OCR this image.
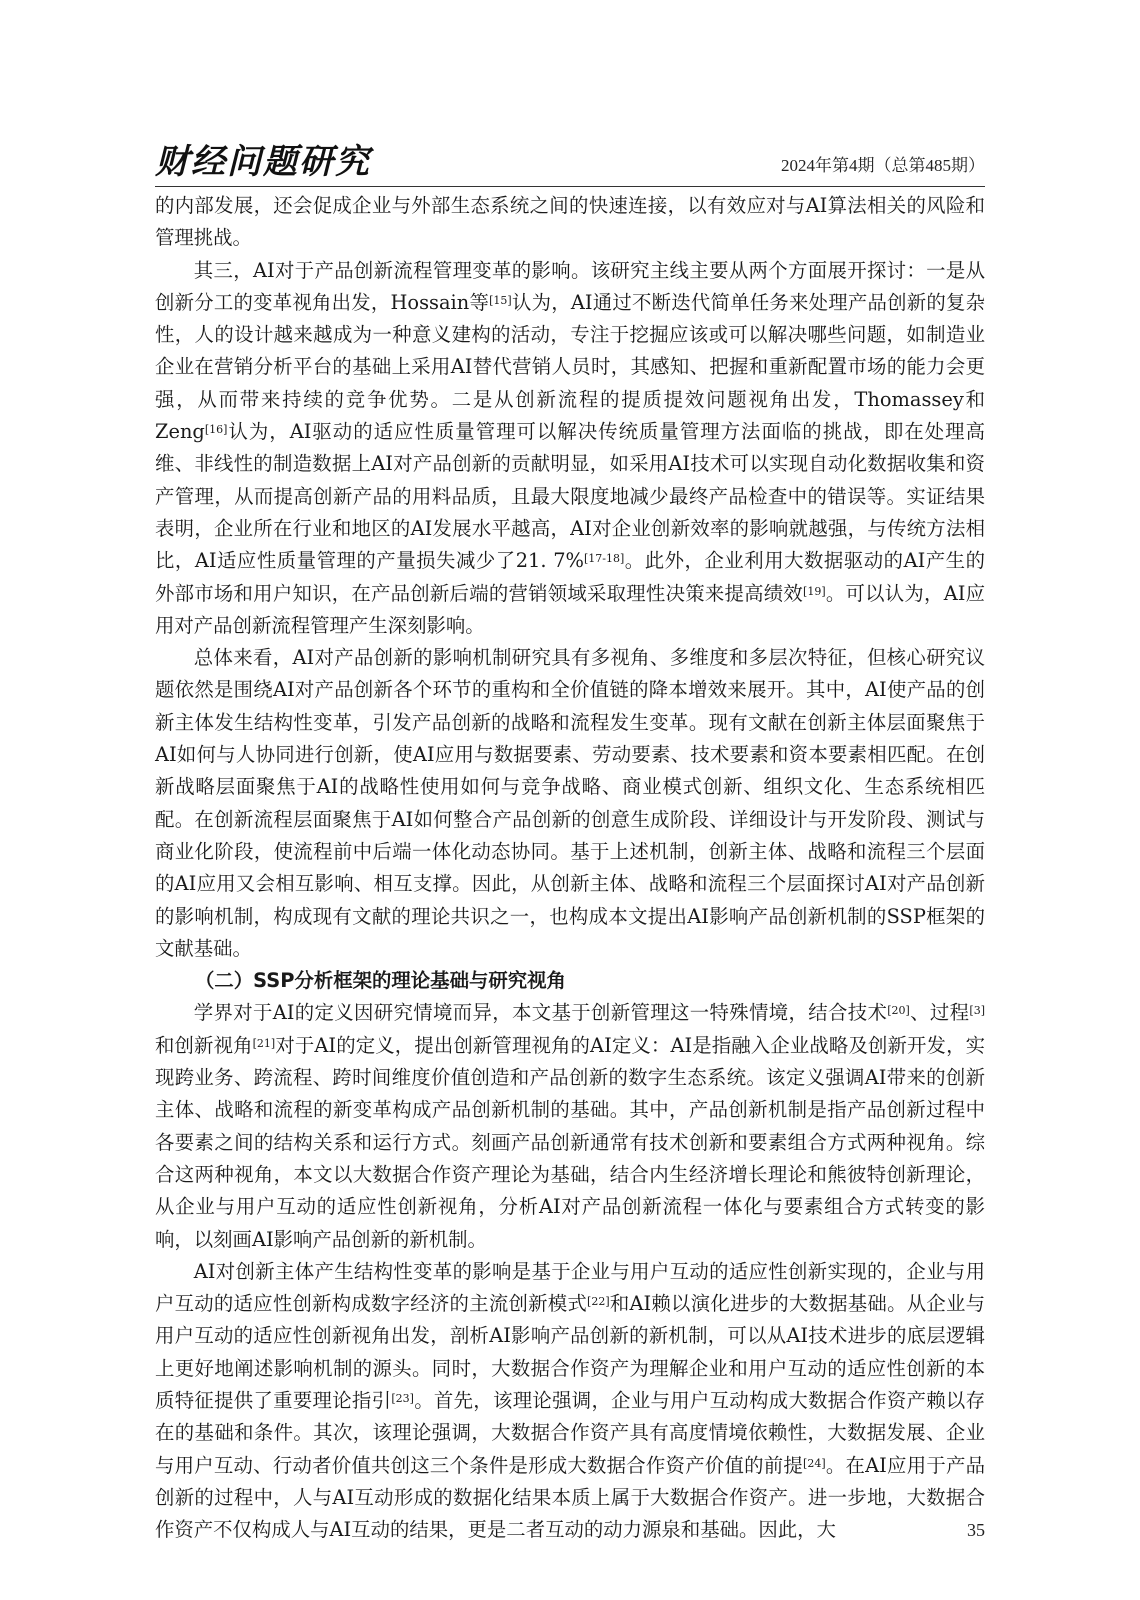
财经问题研究	2024年第4期（总第485期）

的内部发展，还会促成企业与外部生态系统之间的快速连接，以有效应对与AI算法相关的风险和管理挑战。

其三，AI对于产品创新流程管理变革的影响。该研究主线主要从两个方面展开探讨：一是从创新分工的变革视角出发，Hossain等[15]认为，AI通过不断迭代简单任务来处理产品创新的复杂性，人的设计越来越成为一种意义建构的活动，专注于挖掘应该或可以解决哪些问题，如制造业企业在营销分析平台的基础上采用AI替代营销人员时，其感知、把握和重新配置市场的能力会更强，从而带来持续的竞争优势。二是从创新流程的提质提效问题视角出发，Thomassey和Zeng[16]认为，AI驱动的适应性质量管理可以解决传统质量管理方法面临的挑战，即在处理高维、非线性的制造数据上AI对产品创新的贡献明显，如采用AI技术可以实现自动化数据收集和资产管理，从而提高创新产品的用料品质，且最大限度地减少最终产品检查中的错误等。实证结果表明，企业所在行业和地区的AI发展水平越高，AI对企业创新效率的影响就越强，与传统方法相比，AI适应性质量管理的产量损失减少了21. 7%[17-18]。此外，企业利用大数据驱动的AI产生的外部市场和用户知识，在产品创新后端的营销领域采取理性决策来提高绩效[19]。可以认为，AI应用对产品创新流程管理产生深刻影响。

总体来看，AI对产品创新的影响机制研究具有多视角、多维度和多层次特征，但核心研究议题依然是围绕AI对产品创新各个环节的重构和全价值链的降本增效来展开。其中，AI使产品的创新主体发生结构性变革，引发产品创新的战略和流程发生变革。现有文献在创新主体层面聚焦于AI如何与人协同进行创新，使AI应用与数据要素、劳动要素、技术要素和资本要素相匹配。在创新战略层面聚焦于AI的战略性使用如何与竞争战略、商业模式创新、组织文化、生态系统相匹配。在创新流程层面聚焦于AI如何整合产品创新的创意生成阶段、详细设计与开发阶段、测试与商业化阶段，使流程前中后端一体化动态协同。基于上述机制，创新主体、战略和流程三个层面的AI应用又会相互影响、相互支撑。因此，从创新主体、战略和流程三个层面探讨AI对产品创新的影响机制，构成现有文献的理论共识之一，也构成本文提出AI影响产品创新机制的SSP框架的文献基础。

（二）SSP分析框架的理论基础与研究视角

学界对于AI的定义因研究情境而异，本文基于创新管理这一特殊情境，结合技术[20]、过程[3]和创新视角[21]对于AI的定义，提出创新管理视角的AI定义：AI是指融入企业战略及创新开发，实现跨业务、跨流程、跨时间维度价值创造和产品创新的数字生态系统。该定义强调AI带来的创新主体、战略和流程的新变革构成产品创新机制的基础。其中，产品创新机制是指产品创新过程中各要素之间的结构关系和运行方式。刻画产品创新通常有技术创新和要素组合方式两种视角。综合这两种视角，本文以大数据合作资产理论为基础，结合内生经济增长理论和熊彼特创新理论，从企业与用户互动的适应性创新视角，分析AI对产品创新流程一体化与要素组合方式转变的影响，以刻画AI影响产品创新的新机制。

AI对创新主体产生结构性变革的影响是基于企业与用户互动的适应性创新实现的，企业与用户互动的适应性创新构成数字经济的主流创新模式[22]和AI赖以演化进步的大数据基础。从企业与用户互动的适应性创新视角出发，剖析AI影响产品创新的新机制，可以从AI技术进步的底层逻辑上更好地阐述影响机制的源头。同时，大数据合作资产为理解企业和用户互动的适应性创新的本质特征提供了重要理论指引[23]。首先，该理论强调，企业与用户互动构成大数据合作资产赖以存在的基础和条件。其次，该理论强调，大数据合作资产具有高度情境依赖性，大数据发展、企业与用户互动、行动者价值共创这三个条件是形成大数据合作资产价值的前提[24]。在AI应用于产品创新的过程中，人与AI互动形成的数据化结果本质上属于大数据合作资产。进一步地，大数据合作资产不仅构成人与AI互动的结果，更是二者互动的动力源泉和基础。因此，大	35
